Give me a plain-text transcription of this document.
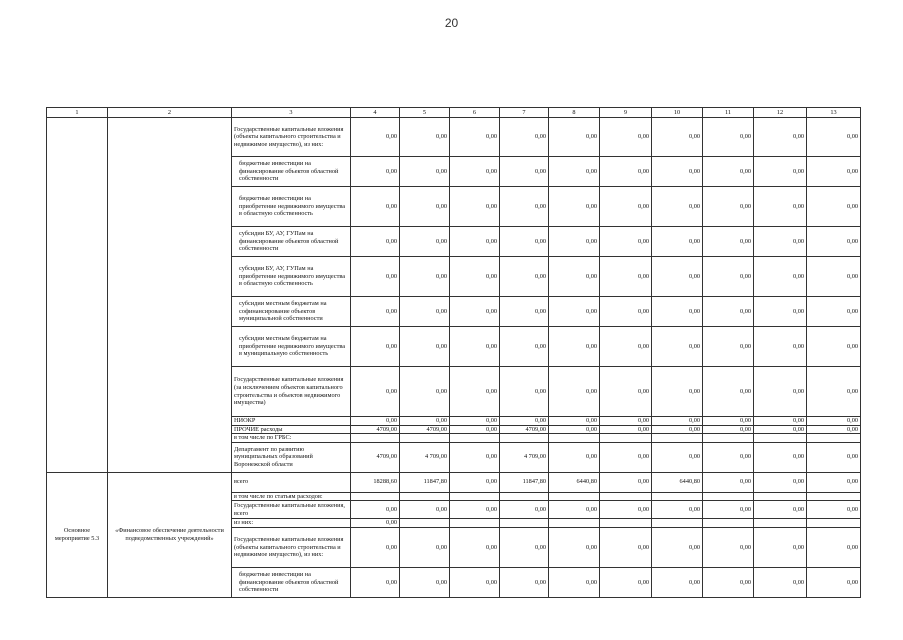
20
1	2	3	4	5	6	7	8	9	10	11	12	13
		Государственные капитальные вложения (объекты капитального строительства и недвижимое имущество), из них:	0,00	0,00	0,00	0,00	0,00	0,00	0,00	0,00	0,00	0,00
		бюджетные инвестиции на финансирование объектов областной собственности	0,00	0,00	0,00	0,00	0,00	0,00	0,00	0,00	0,00	0,00
		бюджетные инвестиции на приобретение недвижимого имущества в областную собственность	0,00	0,00	0,00	0,00	0,00	0,00	0,00	0,00	0,00	0,00
		субсидии БУ, АУ, ГУПам на финансирование объектов областной собственности	0,00	0,00	0,00	0,00	0,00	0,00	0,00	0,00	0,00	0,00
		субсидии БУ, АУ, ГУПам на приобретение недвижимого имущества в областную собственность	0,00	0,00	0,00	0,00	0,00	0,00	0,00	0,00	0,00	0,00
		субсидии местным бюджетам на софинансирование объектов муниципальной собственности	0,00	0,00	0,00	0,00	0,00	0,00	0,00	0,00	0,00	0,00
		субсидии местным бюджетам на приобретение недвижимого имущества в муниципальную собственность	0,00	0,00	0,00	0,00	0,00	0,00	0,00	0,00	0,00	0,00
		Государственные капитальные вложения (за исключением объектов капитального строительства и объектов недвижимого имущества)	0,00	0,00	0,00	0,00	0,00	0,00	0,00	0,00	0,00	0,00
		НИОКР	0,00	0,00	0,00	0,00	0,00	0,00	0,00	0,00	0,00	0,00
		ПРОЧИЕ расходы	4709,00	4709,00	0,00	4709,00	0,00	0,00	0,00	0,00	0,00	0,00
		в том числе по ГРБС:										
		Департамент по развитию муниципальных образований Воронежской области	4709,00	4 709,00	0,00	4 709,00	0,00	0,00	0,00	0,00	0,00	0,00
Основное мероприятие 5.3	«Финансовое обеспечение деятельности подведомственных учреждений»	всего	18288,60	11847,80	0,00	11847,80	6440,80	0,00	6440,80	0,00	0,00	0,00
		в том числе по статьям расходов:										
		Государственные капитальные вложения, всего	0,00	0,00	0,00	0,00	0,00	0,00	0,00	0,00	0,00	0,00
		из них:	0,00									
		Государственные капитальные вложения (объекты капитального строительства и недвижимое имущество), из них:	0,00	0,00	0,00	0,00	0,00	0,00	0,00	0,00	0,00	0,00
		бюджетные инвестиции на финансирование объектов областной собственности	0,00	0,00	0,00	0,00	0,00	0,00	0,00	0,00	0,00	0,00
